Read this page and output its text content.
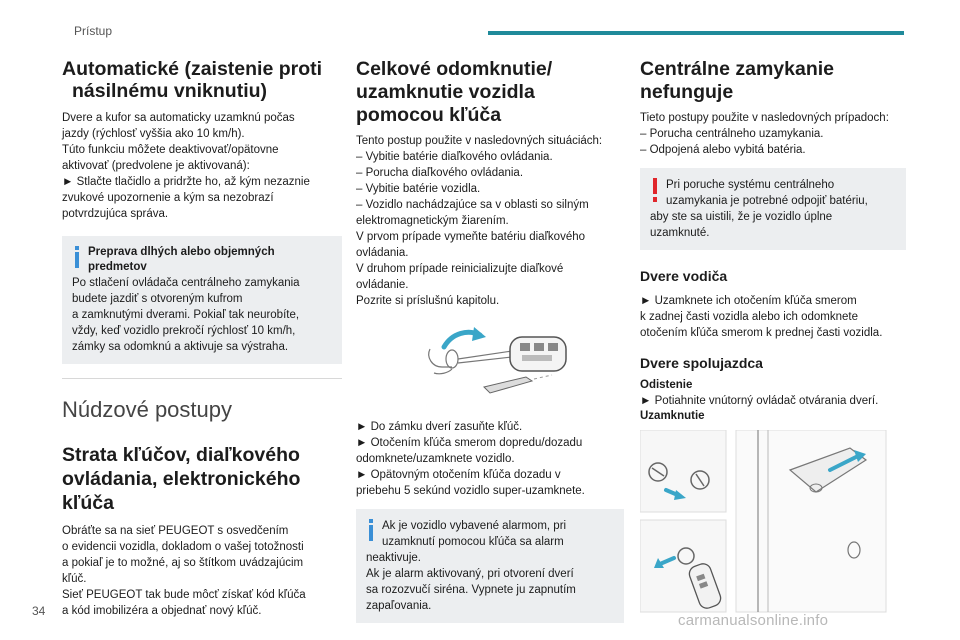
Prístup
34
carmanualsonline.info
Automatické (zaistenie proti
násilnému vniknutiu)

Dvere a kufor sa automaticky uzamknú počas

jazdy (rýchlosť vyššia ako 10 km/h).

Túto funkciu môžete deaktivovať/opätovne

aktivovať (predvolene je aktivovaná):

► Stlačte tlačidlo a pridržte ho, až kým nezaznie

zvukové upozornenie a kým sa nezobrazí

potvrdzujúca správa.

Preprava dlhých alebo objemných
predmetov

Po stlačení ovládača centrálneho zamykania

budete jazdiť s otvoreným kufrom

a zamknutými dverami. Pokiaľ tak neurobíte,

vždy, keď vozidlo prekročí rýchlosť 10 km/h,

zámky sa odomknú a aktivuje sa výstraha.

Núdzové postupy
Strata kľúčov, diaľkového
ovládania, elektronického
kľúča

Obráťte sa na sieť PEUGEOT s osvedčením

o evidencii vozidla, dokladom o vašej totožnosti

a pokiaľ je to možné, aj so štítkom uvádzajúcim

kľúč.

Sieť PEUGEOT tak bude môcť získať kód kľúča

a kód imobilizéra a objednať nový kľúč.

Celkové odomknutie/
uzamknutie vozidla
pomocou kľúča

Tento postup použite v nasledovných situáciách:

– Vybitie batérie diaľkového ovládania.

– Porucha diaľkového ovládania.

– Vybitie batérie vozidla.

– Vozidlo nachádzajúce sa v oblasti so silným

elektromagnetickým žiarením.

V prvom prípade vymeňte batériu diaľkového

ovládania.

V druhom prípade reinicializujte diaľkové

ovládanie.

Pozrite si príslušnú kapitolu.

► Do zámku dverí zasuňte kľúč.

► Otočením kľúča smerom dopredu/dozadu

odomknete/uzamknete vozidlo.

► Opätovným otočením kľúča dozadu v

priebehu 5 sekúnd vozidlo super-uzamknete.

Ak je vozidlo vybavené alarmom, pri

uzamknutí pomocou kľúča sa alarm

neaktivuje.

Ak je alarm aktivovaný, pri otvorení dverí

sa rozozvučí siréna. Vypnete ju zapnutím

zapaľovania.

Centrálne zamykanie
nefunguje

Tieto postupy použite v nasledovných prípadoch:

– Porucha centrálneho uzamykania.

– Odpojená alebo vybitá batéria.

Pri poruche systému centrálneho

uzamykania je potrebné odpojiť batériu,

aby ste sa uistili, že je vozidlo úplne

uzamknuté.

Dvere vodiča

► Uzamknete ich otočením kľúča smerom

k zadnej časti vozidla alebo ich odomknete

otočením kľúča smerom k prednej časti vozidla.

Dvere spolujazdca
Odistenie

► Potiahnite vnútorný ovládač otvárania dverí.

Uzamknutie
